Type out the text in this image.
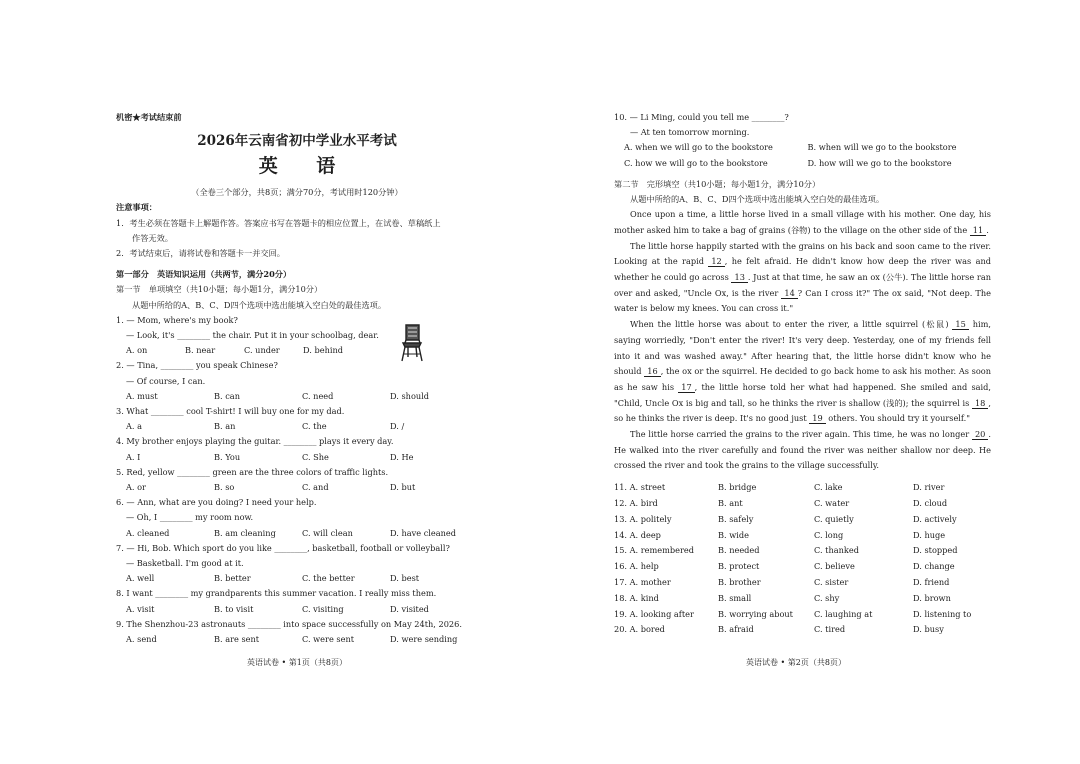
机密★考试结束前
2026年云南省初中学业水平考试
英 语
（全卷三个部分，共8页；满分70分，考试用时120分钟）
注意事项：
1．考生必须在答题卡上解题作答。答案应书写在答题卡的相应位置上，在试卷、草稿纸上
作答无效。
2．考试结束后，请将试卷和答题卡一并交回。
第一部分　英语知识运用（共两节，满分20分）
第一节　单项填空（共10小题；每小题1分，满分10分）
从题中所给的A、B、C、D四个选项中选出能填入空白处的最佳选项。
1. — Mom, where's my book?
— Look, it's ________ the chair. Put it in your schoolbag, dear.
A. on	B. near	C. under	D. behind
2. — Tina, ________ you speak Chinese?
— Of course, I can.
A. must	B. can	C. need	D. should
3. What ________ cool T-shirt! I will buy one for my dad.
A. a	B. an	C. the	D. /
4. My brother enjoys playing the guitar. ________ plays it every day.
A. I	B. You	C. She	D. He
5. Red, yellow ________ green are the three colors of traffic lights.
A. or	B. so	C. and	D. but
6. — Ann, what are you doing? I need your help.
— Oh, I ________ my room now.
A. cleaned	B. am cleaning	C. will clean	D. have cleaned
7. — Hi, Bob. Which sport do you like ________, basketball, football or volleyball?
— Basketball. I'm good at it.
A. well	B. better	C. the better	D. best
8. I want ________ my grandparents this summer vacation. I really miss them.
A. visit	B. to visit	C. visiting	D. visited
9. The Shenzhou-23 astronauts ________ into space successfully on May 24th, 2026.
A. send	B. are sent	C. were sent	D. were sending
10. — Li Ming, could you tell me ________?
— At ten tomorrow morning.
A. when we will go to the bookstore	B. when will we go to the bookstore
C. how we will go to the bookstore	D. how will we go to the bookstore
第二节　完形填空（共10小题；每小题1分，满分10分）
从题中所给的A、B、C、D四个选项中选出能填入空白处的最佳选项。

Once upon a time, a little horse lived in a small village with his mother. One day, his mother asked him to take a bag of grains (谷物) to the village on the other side of the 11 .

The little horse happily started with the grains on his back and soon came to the river. Looking at the rapid 12 , he felt afraid. He didn't know how deep the river was and whether he could go across 13 . Just at that time, he saw an ox (公牛). The little horse ran over and asked, "Uncle Ox, is the river 14 ? Can I cross it?" The ox said, "Not deep. The water is below my knees. You can cross it."

When the little horse was about to enter the river, a little squirrel (松鼠) 15 him, saying worriedly, "Don't enter the river! It's very deep. Yesterday, one of my friends fell into it and was washed away." After hearing that, the little horse didn't know who he should 16 , the ox or the squirrel. He decided to go back home to ask his mother. As soon as he saw his 17 , the little horse told her what had happened. She smiled and said, "Child, Uncle Ox is big and tall, so he thinks the river is shallow (浅的); the squirrel is 18 , so he thinks the river is deep. It's no good just 19 others. You should try it yourself."

The little horse carried the grains to the river again. This time, he was no longer 20 . He walked into the river carefully and found the river was neither shallow nor deep. He crossed the river and took the grains to the village successfully.

11. A. street	B. bridge	C. lake	D. river
12. A. bird	B. ant	C. water	D. cloud
13. A. politely	B. safely	C. quietly	D. actively
14. A. deep	B. wide	C. long	D. huge
15. A. remembered	B. needed	C. thanked	D. stopped
16. A. help	B. protect	C. believe	D. change
17. A. mother	B. brother	C. sister	D. friend
18. A. kind	B. small	C. shy	D. brown
19. A. looking after	B. worrying about	C. laughing at	D. listening to
20. A. bored	B. afraid	C. tired	D. busy
英语试卷 • 第1页（共8页）	英语试卷 • 第2页（共8页）
